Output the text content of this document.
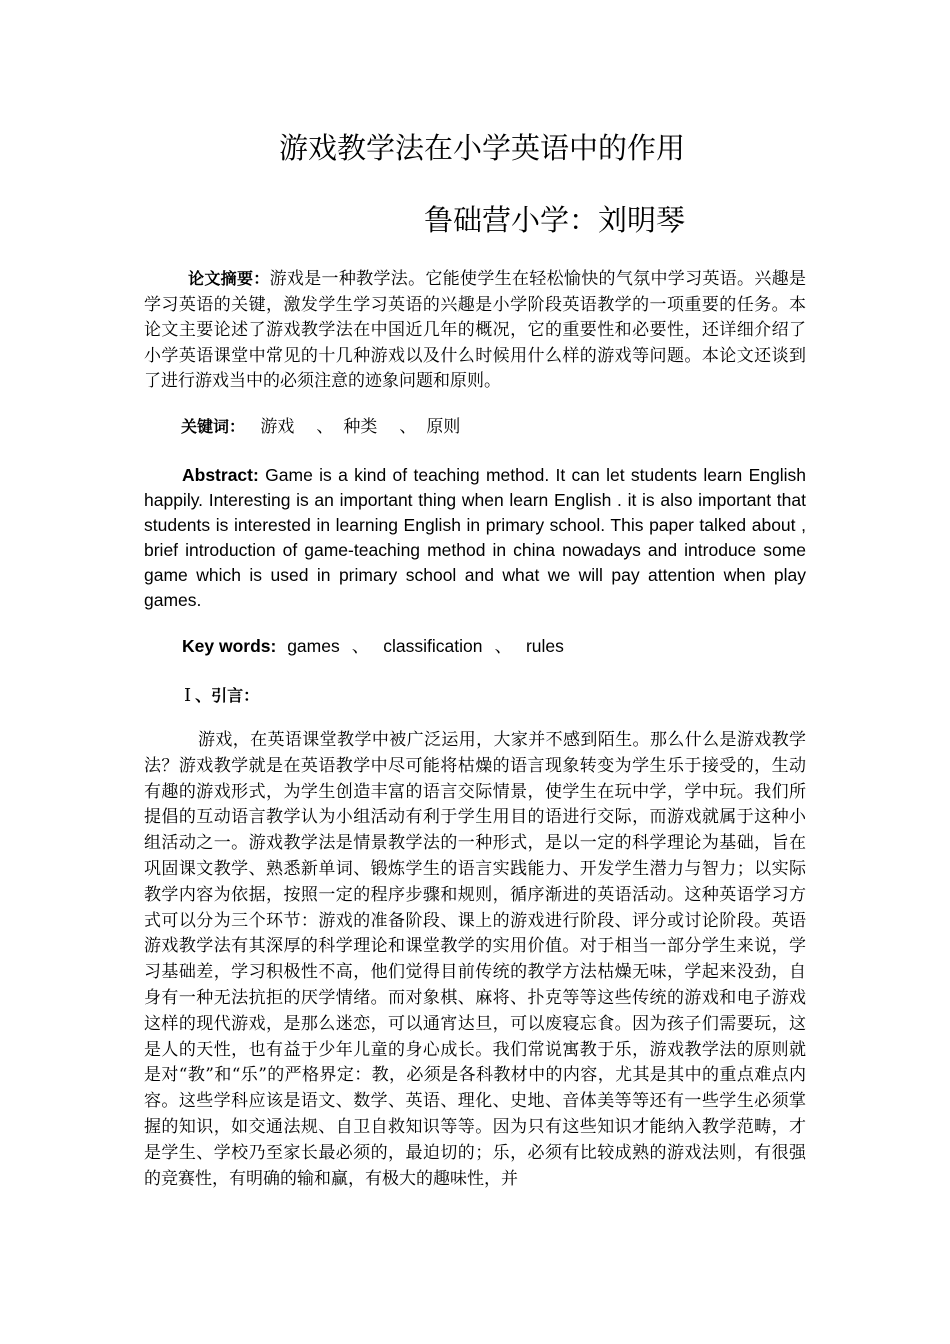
游戏教学法在小学英语中的作用
鲁础营小学：刘明琴

论文摘要：游戏是一种教学法。它能使学生在轻松愉快的气氛中学习英语。兴趣是学习英语的关键，激发学生学习英语的兴趣是小学阶段英语教学的一项重要的任务。本论文主要论述了游戏教学法在中国近几年的概况，它的重要性和必要性，还详细介绍了小学英语课堂中常见的十几种游戏以及什么时候用什么样的游戏等问题。本论文还谈到了进行游戏当中的必须注意的迹象问题和原则。

关键词： 游戏 、 种类 、 原则

Abstract: Game is a kind of teaching method. It can let students learn English happily. Interesting is an important thing when learn English . it is also important that students is interested in learning English in primary school. This paper talked about , brief introduction of game-teaching method in china nowadays and introduce some game which is used in primary school and what we will pay attention when play games.

Key words: games 、 classification 、 rules
Ⅰ 、引言：

游戏，在英语课堂教学中被广泛运用，大家并不感到陌生。那么什么是游戏教学法？游戏教学就是在英语教学中尽可能将枯燥的语言现象转变为学生乐于接受的，生动有趣的游戏形式，为学生创造丰富的语言交际情景，使学生在玩中学，学中玩。我们所提倡的互动语言教学认为小组活动有利于学生用目的语进行交际，而游戏就属于这种小组活动之一。游戏教学法是情景教学法的一种形式，是以一定的科学理论为基础，旨在巩固课文教学、熟悉新单词、锻炼学生的语言实践能力、开发学生潜力与智力；以实际教学内容为依据，按照一定的程序步骤和规则，循序渐进的英语活动。这种英语学习方式可以分为三个环节：游戏的准备阶段、课上的游戏进行阶段、评分或讨论阶段。英语游戏教学法有其深厚的科学理论和课堂教学的实用价值。对于相当一部分学生来说，学习基础差，学习积极性不高，他们觉得目前传统的教学方法枯燥无味，学起来没劲，自身有一种无法抗拒的厌学情绪。而对象棋、麻将、扑克等等这些传统的游戏和电子游戏这样的现代游戏，是那么迷恋，可以通宵达旦，可以废寝忘食。因为孩子们需要玩，这是人的天性，也有益于少年儿童的身心成长。我们常说寓教于乐，游戏教学法的原则就是对“教”和“乐”的严格界定：教，必须是各科教材中的内容，尤其是其中的重点难点内容。这些学科应该是语文、数学、英语、理化、史地、音体美等等还有一些学生必须掌握的知识，如交通法规、自卫自救知识等等。因为只有这些知识才能纳入教学范畴，才是学生、学校乃至家长最必须的，最迫切的；乐，必须有比较成熟的游戏法则，有很强的竞赛性，有明确的输和赢，有极大的趣味性，并
